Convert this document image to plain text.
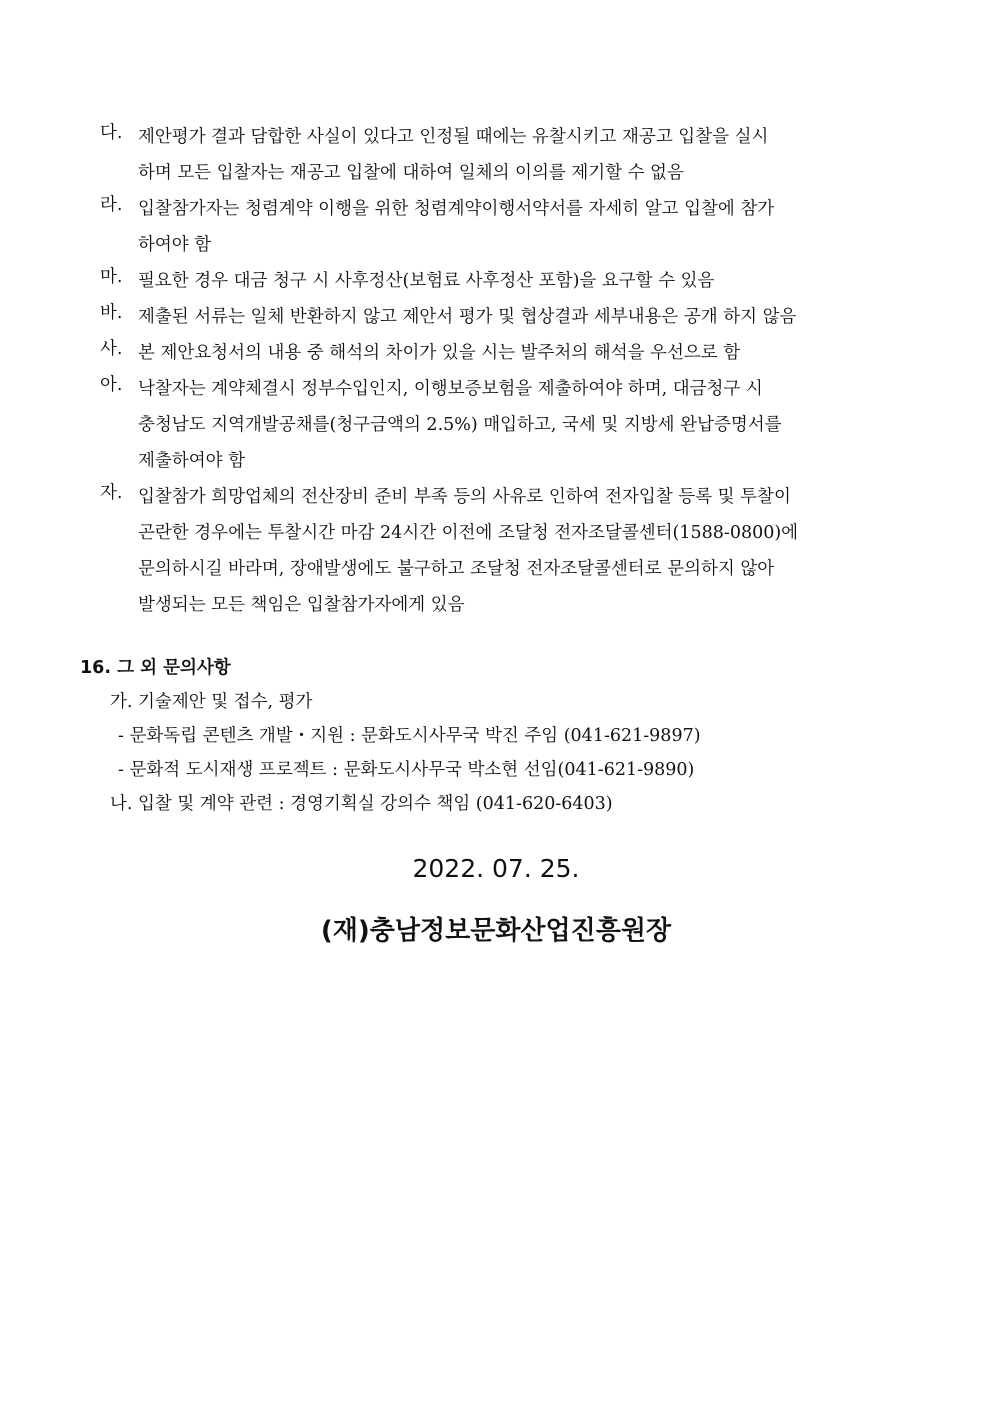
다. 제안평가 결과 담합한 사실이 있다고 인정될 때에는 유찰시키고 재공고 입찰을 실시
하며 모든 입찰자는 재공고 입찰에 대하여 일체의 이의를 제기할 수 없음
라. 입찰참가자는 청렴계약 이행을 위한 청렴계약이행서약서를 자세히 알고 입찰에 참가
하여야 함
마. 필요한 경우 대금 청구 시 사후정산(보험료 사후정산 포함)을 요구할 수 있음
바. 제출된 서류는 일체 반환하지 않고 제안서 평가 및 협상결과 세부내용은 공개 하지 않음
사. 본 제안요청서의 내용 중 해석의 차이가 있을 시는 발주처의 해석을 우선으로 함
아. 낙찰자는 계약체결시 정부수입인지, 이행보증보험을 제출하여야 하며, 대금청구 시
충청남도 지역개발공채를(청구금액의 2.5%) 매입하고, 국세 및 지방세 완납증명서를
제출하여야 함
자. 입찰참가 희망업체의 전산장비 준비 부족 등의 사유로 인하여 전자입찰 등록 및 투찰이
곤란한 경우에는 투찰시간 마감 24시간 이전에 조달청 전자조달콜센터(1588-0800)에
문의하시길 바라며, 장애발생에도 불구하고 조달청 전자조달콜센터로 문의하지 않아
발생되는 모든 책임은 입찰참가자에게 있음
16. 그 외 문의사항
가. 기술제안 및 접수, 평가
- 문화독립 콘텐츠 개발・지원 : 문화도시사무국 박진 주임 (041-621-9897)
- 문화적 도시재생 프로젝트 : 문화도시사무국 박소현 선임(041-621-9890)
나. 입찰 및 계약 관련 : 경영기획실 강의수 책임 (041-620-6403)
2022. 07. 25.
(재)충남정보문화산업진흥원장
